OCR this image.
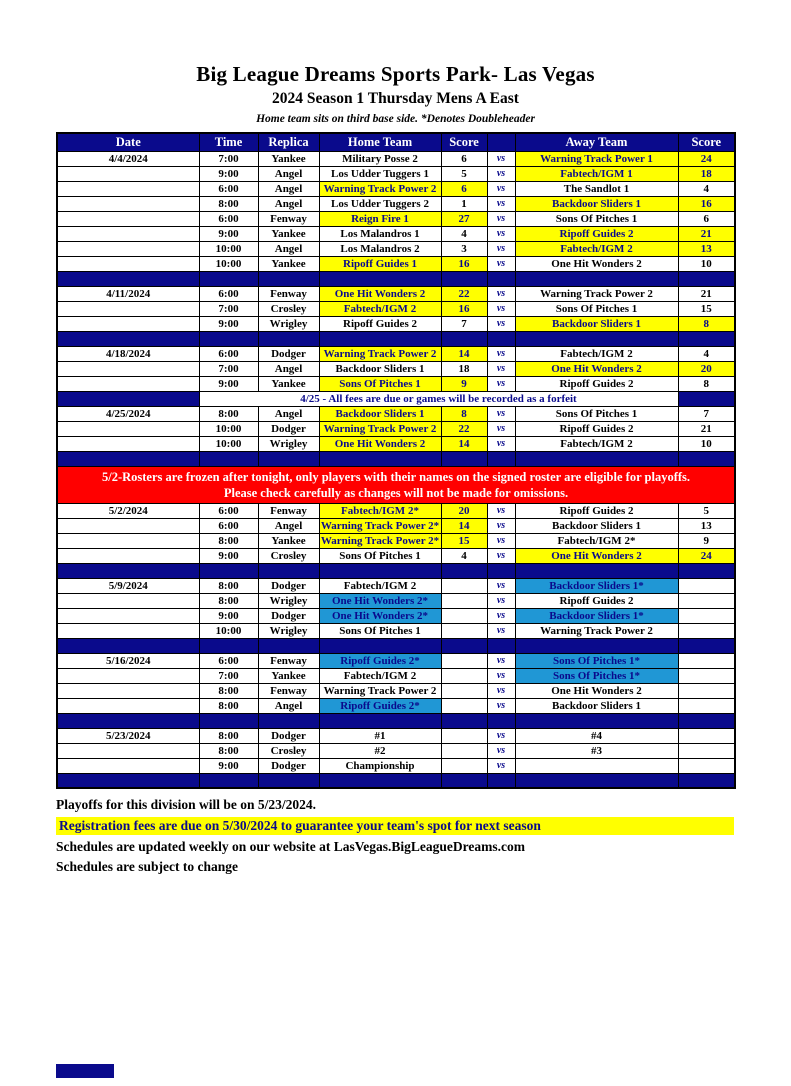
Big League Dreams Sports Park- Las Vegas
2024 Season 1 Thursday Mens A East
Home team sits on third base side. *Denotes Doubleheader
Date	Time	Replica	Home Team	Score		Away Team	Score
4/4/2024	7:00	Yankee	Military Posse 2	6	vs	Warning Track Power 1	24
	9:00	Angel	Los Udder Tuggers 1	5	vs	Fabtech/IGM 1	18
	6:00	Angel	Warning Track Power 2	6	vs	The Sandlot 1	4
	8:00	Angel	Los Udder Tuggers 2	1	vs	Backdoor Sliders 1	16
	6:00	Fenway	Reign Fire 1	27	vs	Sons Of Pitches 1	6
	9:00	Yankee	Los Malandros 1	4	vs	Ripoff Guides 2	21
	10:00	Angel	Los Malandros 2	3	vs	Fabtech/IGM 2	13
	10:00	Yankee	Ripoff Guides 1	16	vs	One Hit Wonders 2	10

4/11/2024	6:00	Fenway	One Hit Wonders 2	22	vs	Warning Track Power 2	21
	7:00	Crosley	Fabtech/IGM 2	16	vs	Sons Of Pitches 1	15
	9:00	Wrigley	Ripoff Guides 2	7	vs	Backdoor Sliders 1	8

4/18/2024	6:00	Dodger	Warning Track Power 2	14	vs	Fabtech/IGM 2	4
	7:00	Angel	Backdoor Sliders 1	18	vs	One Hit Wonders 2	20
	9:00	Yankee	Sons Of Pitches 1	9	vs	Ripoff Guides 2	8
	4/25 - All fees are due or games will be recorded as a forfeit						
4/25/2024	8:00	Angel	Backdoor Sliders 1	8	vs	Sons Of Pitches 1	7
	10:00	Dodger	Warning Track Power 2	22	vs	Ripoff Guides 2	21
	10:00	Wrigley	One Hit Wonders 2	14	vs	Fabtech/IGM 2	10

5/2-Rosters are frozen after tonight, only players with their names on the signed roster are eligible for playoffs.
Please check carefully as changes will not be made for omissions.							

5/2/2024	6:00	Fenway	Fabtech/IGM 2*	20	vs	Ripoff Guides 2	5
	6:00	Angel	Warning Track Power 2*	14	vs	Backdoor Sliders 1	13
	8:00	Yankee	Warning Track Power 2*	15	vs	Fabtech/IGM 2*	9
	9:00	Crosley	Sons Of Pitches 1	4	vs	One Hit Wonders 2	24

5/9/2024	8:00	Dodger	Fabtech/IGM 2		vs	Backdoor Sliders 1*	
	8:00	Wrigley	One Hit Wonders 2*		vs	Ripoff Guides 2	
	9:00	Dodger	One Hit Wonders 2*		vs	Backdoor Sliders 1*	
	10:00	Wrigley	Sons Of Pitches 1		vs	Warning Track Power 2	

5/16/2024	6:00	Fenway	Ripoff Guides 2*		vs	Sons Of Pitches 1*	
	7:00	Yankee	Fabtech/IGM 2		vs	Sons Of Pitches 1*	
	8:00	Fenway	Warning Track Power 2		vs	One Hit Wonders 2	
	8:00	Angel	Ripoff Guides 2*		vs	Backdoor Sliders 1	

5/23/2024	8:00	Dodger	#1		vs	#4	
	8:00	Crosley	#2		vs	#3	
	9:00	Dodger	Championship		vs		

Playoffs for this division will be on 5/23/2024.
Registration fees are due on 5/30/2024 to guarantee your team's spot for next season
Schedules are updated weekly on our website at LasVegas.BigLeagueDreams.com
Schedules are subject to change
